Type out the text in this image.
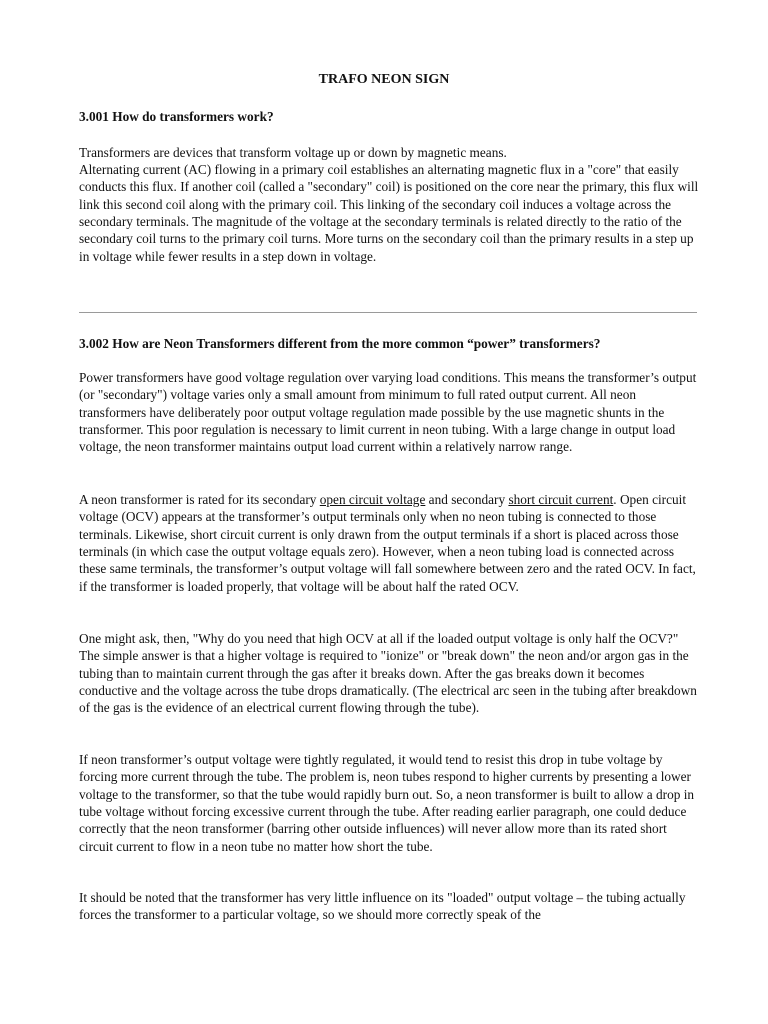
TRAFO NEON SIGN
3.001 How do transformers work?

Transformers are devices that transform voltage up or down by magnetic means.

Alternating current (AC) flowing in a primary coil establishes an alternating magnetic flux in a "core" that easily conducts this flux. If another coil (called a "secondary" coil) is positioned on the core near the primary, this flux will link this second coil along with the primary coil. This linking of the secondary coil induces a voltage across the secondary terminals. The magnitude of the voltage at the secondary terminals is related directly to the ratio of the secondary coil turns to the primary coil turns. More turns on the secondary coil than the primary results in a step up in voltage while fewer results in a step down in voltage.

3.002 How are Neon Transformers different from the more common “power” transformers?

Power transformers have good voltage regulation over varying load conditions. This means the transformer’s output (or "secondary") voltage varies only a small amount from minimum to full rated output current. All neon transformers have deliberately poor output voltage regulation made possible by the use magnetic shunts in the transformer. This poor regulation is necessary to limit current in neon tubing. With a large change in output load voltage, the neon transformer maintains output load current within a relatively narrow range.

A neon transformer is rated for its secondary open circuit voltage and secondary short circuit current. Open circuit voltage (OCV) appears at the transformer’s output terminals only when no neon tubing is connected to those terminals. Likewise, short circuit current is only drawn from the output terminals if a short is placed across those terminals (in which case the output voltage equals zero). However, when a neon tubing load is connected across these same terminals, the transformer’s output voltage will fall somewhere between zero and the rated OCV. In fact, if the transformer is loaded properly, that voltage will be about half the rated OCV.

One might ask, then, "Why do you need that high OCV at all if the loaded output voltage is only half the OCV?" The simple answer is that a higher voltage is required to "ionize" or "break down" the neon and/or argon gas in the tubing than to maintain current through the gas after it breaks down. After the gas breaks down it becomes conductive and the voltage across the tube drops dramatically. (The electrical arc seen in the tubing after breakdown of the gas is the evidence of an electrical current flowing through the tube).

If neon transformer’s output voltage were tightly regulated, it would tend to resist this drop in tube voltage by forcing more current through the tube. The problem is, neon tubes respond to higher currents by presenting a lower voltage to the transformer, so that the tube would rapidly burn out. So, a neon transformer is built to allow a drop in tube voltage without forcing excessive current through the tube. After reading earlier paragraph, one could deduce correctly that the neon transformer (barring other outside influences) will never allow more than its rated short circuit current to flow in a neon tube no matter how short the tube.

It should be noted that the transformer has very little influence on its "loaded" output voltage – the tubing actually forces the transformer to a particular voltage, so we should more correctly speak of the
